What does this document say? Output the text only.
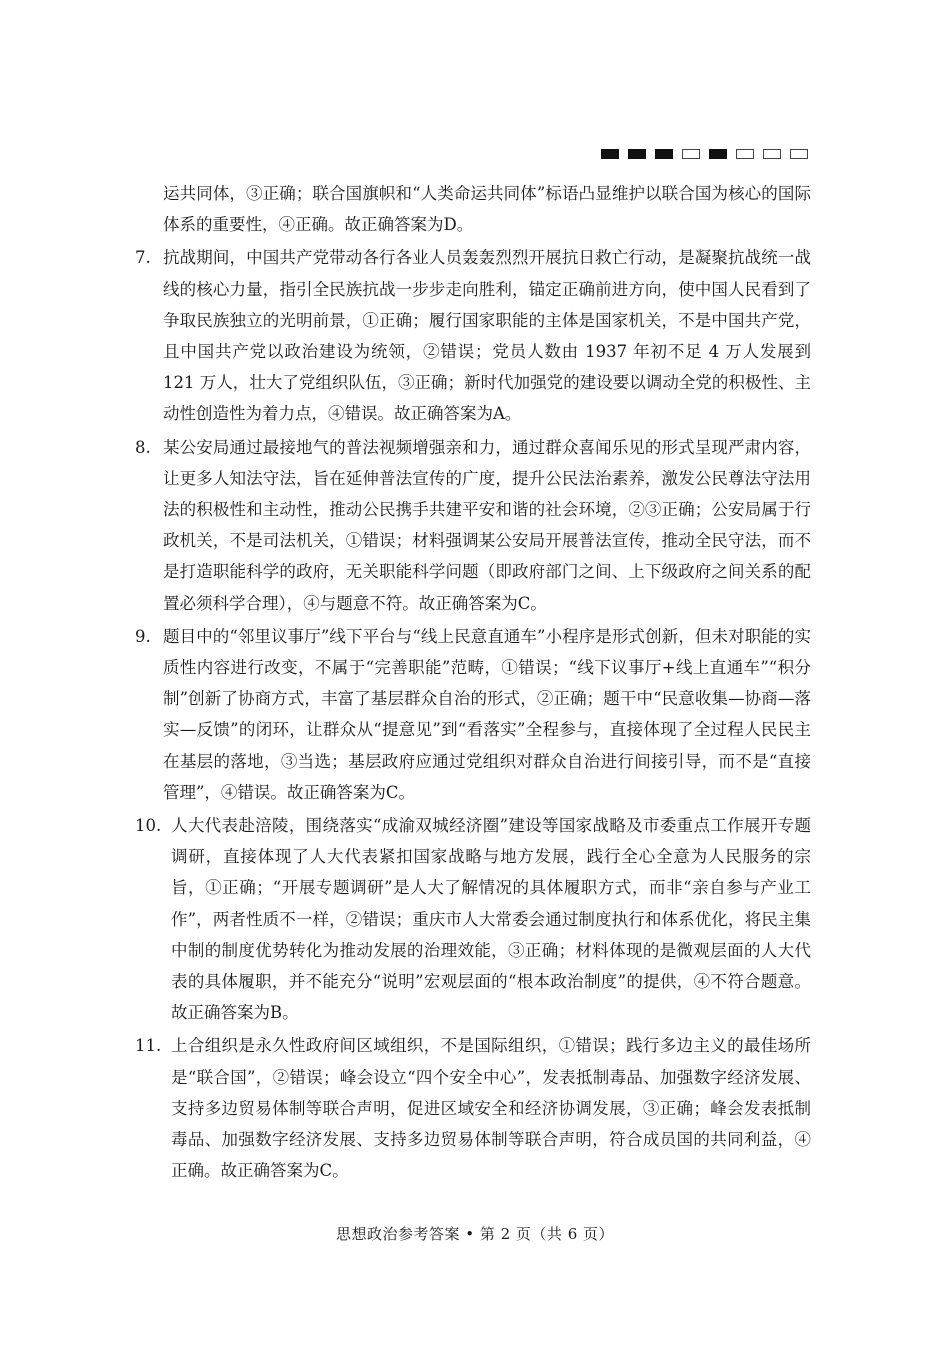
运共同体，③正确；联合国旗帜和“人类命运共同体”标语凸显维护以联合国为核心的国际体系的重要性，④正确。故正确答案为D。

7. 抗战期间，中国共产党带动各行各业人员轰轰烈烈开展抗日救亡行动，是凝聚抗战统一战线的核心力量，指引全民族抗战一步步走向胜利，锚定正确前进方向，使中国人民看到了争取民族独立的光明前景，①正确；履行国家职能的主体是国家机关，不是中国共产党，且中国共产党以政治建设为统领，②错误；党员人数由 1937 年初不足 4 万人发展到 121 万人，壮大了党组织队伍，③正确；新时代加强党的建设要以调动全党的积极性、主动性创造性为着力点，④错误。故正确答案为A。
8. 某公安局通过最接地气的普法视频增强亲和力，通过群众喜闻乐见的形式呈现严肃内容，让更多人知法守法，旨在延伸普法宣传的广度，提升公民法治素养，激发公民尊法守法用法的积极性和主动性，推动公民携手共建平安和谐的社会环境，②③正确；公安局属于行政机关，不是司法机关，①错误；材料强调某公安局开展普法宣传，推动全民守法，而不是打造职能科学的政府，无关职能科学问题（即政府部门之间、上下级政府之间关系的配置必须科学合理），④与题意不符。故正确答案为C。
9. 题目中的“邻里议事厅”线下平台与“线上民意直通车”小程序是形式创新，但未对职能的实质性内容进行改变，不属于“完善职能”范畴，①错误；“线下议事厅+线上直通车”“积分制”创新了协商方式，丰富了基层群众自治的形式，②正确；题干中“民意收集—协商—落实—反馈”的闭环，让群众从“提意见”到“看落实”全程参与，直接体现了全过程人民民主在基层的落地，③当选；基层政府应通过党组织对群众自治进行间接引导，而不是“直接管理”，④错误。故正确答案为C。
10. 人大代表赴涪陵，围绕落实“成渝双城经济圈”建设等国家战略及市委重点工作展开专题调研，直接体现了人大代表紧扣国家战略与地方发展，践行全心全意为人民服务的宗旨，①正确；“开展专题调研”是人大了解情况的具体履职方式，而非“亲自参与产业工作”，两者性质不一样，②错误；重庆市人大常委会通过制度执行和体系优化，将民主集中制的制度优势转化为推动发展的治理效能，③正确；材料体现的是微观层面的人大代表的具体履职，并不能充分“说明”宏观层面的“根本政治制度”的提供，④不符合题意。故正确答案为B。
11. 上合组织是永久性政府间区域组织，不是国际组织，①错误；践行多边主义的最佳场所是“联合国”，②错误；峰会设立“四个安全中心”，发表抵制毒品、加强数字经济发展、支持多边贸易体制等联合声明，促进区域安全和经济协调发展，③正确；峰会发表抵制毒品、加强数字经济发展、支持多边贸易体制等联合声明，符合成员国的共同利益，④正确。故正确答案为C。
思想政治参考答案 • 第 2 页（共 6 页）
